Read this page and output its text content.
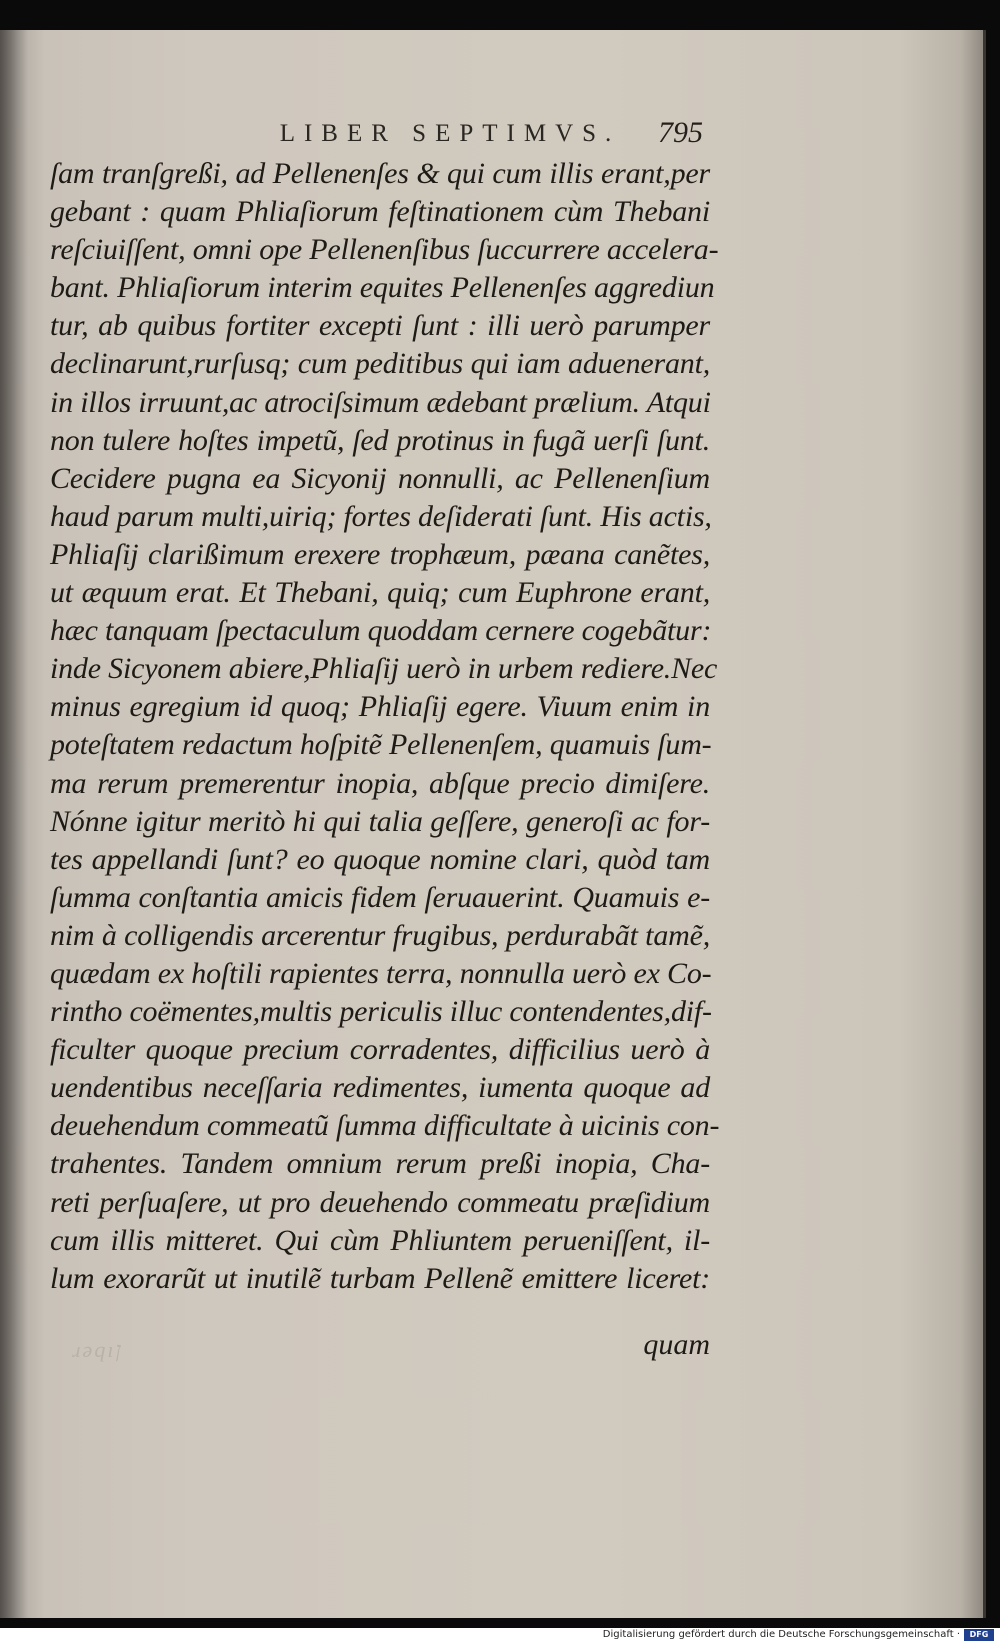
LIBER SEPTIMVS.	795
ſam tranſgreßi, ad Pellenenſes & qui cum illis erant,per
gebant : quam Phliaſiorum feſtinationem cùm Thebani
reſciuiſſent, omni ope Pellenenſibus ſuccurrere accelera-
bant. Phliaſiorum interim equites Pellenenſes aggrediun
tur, ab quibus fortiter excepti ſunt : illi uerò parumper
declinarunt,rurſusq; cum peditibus qui iam aduenerant,
in illos irruunt,ac atrociſsimum ædebant prælium. Atqui
non tulere hoſtes impetũ, ſed protinus in fugã uerſi ſunt.
Cecidere pugna ea Sicyonij nonnulli, ac Pellenenſium
haud parum multi,uiriq; fortes deſiderati ſunt. His actis,
Phliaſij clarißimum erexere trophæum, pæana canẽtes,
ut æquum erat. Et Thebani, quiq; cum Euphrone erant,
hæc tanquam ſpectaculum quoddam cernere cogebãtur:
inde Sicyonem abiere,Phliaſij uerò in urbem rediere.Nec
minus egregium id quoq; Phliaſij egere. Viuum enim in
poteſtatem redactum hoſpitẽ Pellenenſem, quamuis ſum-
ma rerum premerentur inopia, abſque precio dimiſere.
Nónne igitur meritò hi qui talia geſſere, generoſi ac for-
tes appellandi ſunt? eo quoque nomine clari, quòd tam
ſumma conſtantia amicis fidem ſeruauerint. Quamuis e-
nim à colligendis arcerentur frugibus, perdurabãt tamẽ,
quædam ex hoſtili rapientes terra, nonnulla uerò ex Co-
rintho coëmentes,multis periculis illuc contendentes,dif-
ficulter quoque precium corradentes, difficilius uerò à
uendentibus neceſſaria redimentes, iumenta quoque ad
deuehendum commeatũ ſumma difficultate à uicinis con-
trahentes. Tandem omnium rerum preßi inopia, Cha-
reti perſuaſere, ut pro deuehendo commeatu præſidium
cum illis mitteret. Qui cùm Phliuntem perueniſſent, il-
lum exorarũt ut inutilẽ turbam Pellenẽ emittere liceret:
ɹəqıן	quam
Digitalisierung gefördert durch die Deutsche Forschungsgemeinschaft ·	DFG
